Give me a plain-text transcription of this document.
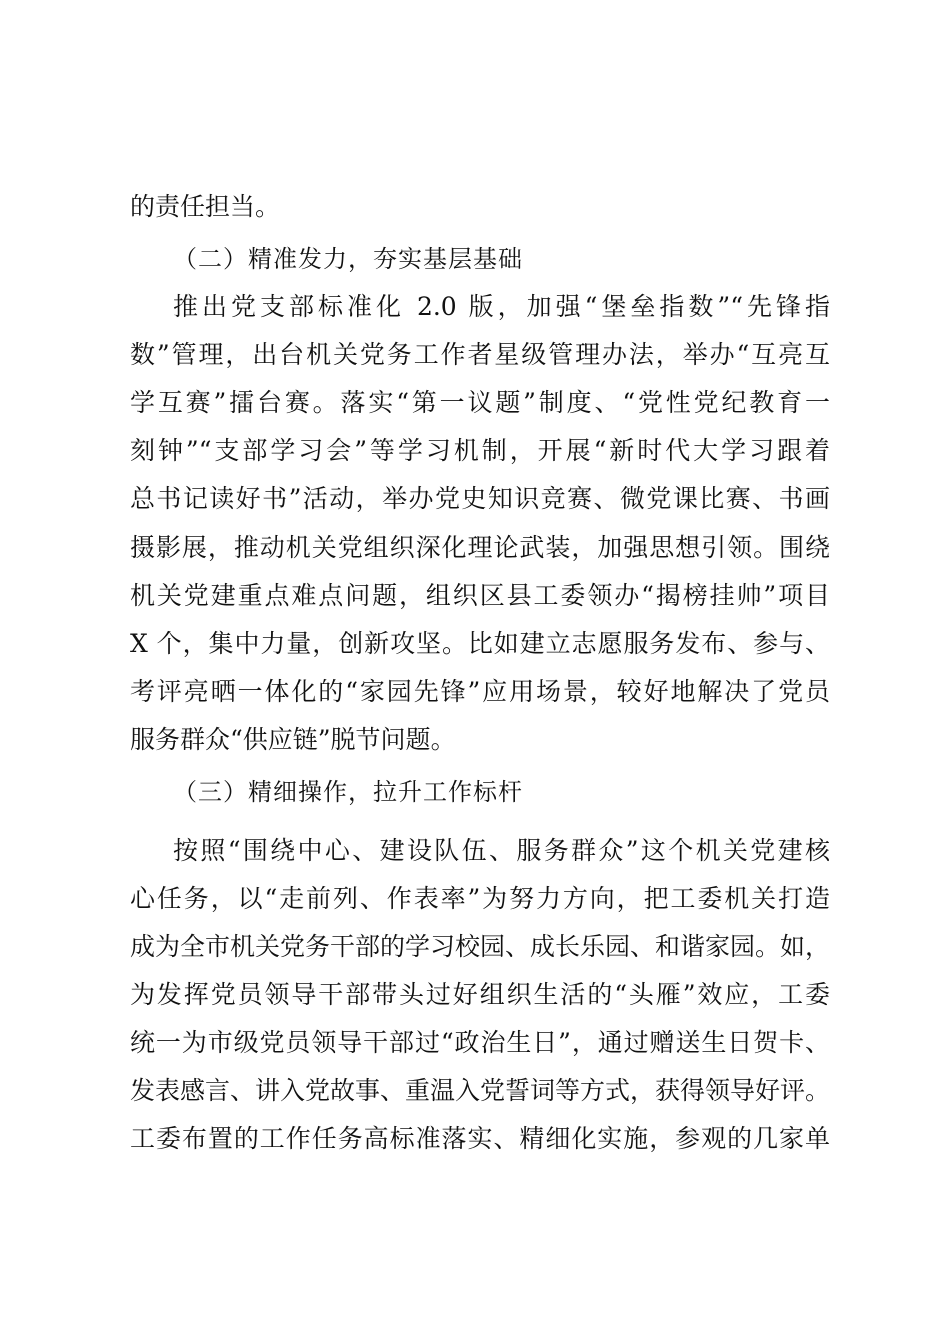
的责任担当。
（二）精准发力，夯实基层基础
推出党支部标准化 2.0 版，加强“堡垒指数”“先锋指
数”管理，出台机关党务工作者星级管理办法，举办“互亮互
学互赛”擂台赛。落实“第一议题”制度、“党性党纪教育一
刻钟”“支部学习会”等学习机制，开展“新时代大学习跟着
总书记读好书”活动，举办党史知识竞赛、微党课比赛、书画
摄影展，推动机关党组织深化理论武装，加强思想引领。围绕
机关党建重点难点问题，组织区县工委领办“揭榜挂帅”项目
X 个，集中力量，创新攻坚。比如建立志愿服务发布、参与、
考评亮晒一体化的“家园先锋”应用场景，较好地解决了党员
服务群众“供应链”脱节问题。
（三）精细操作，拉升工作标杆
按照“围绕中心、建设队伍、服务群众”这个机关党建核
心任务，以“走前列、作表率”为努力方向，把工委机关打造
成为全市机关党务干部的学习校园、成长乐园、和谐家园。如，
为发挥党员领导干部带头过好组织生活的“头雁”效应，工委
统一为市级党员领导干部过“政治生日”，通过赠送生日贺卡、
发表感言、讲入党故事、重温入党誓词等方式，获得领导好评。
工委布置的工作任务高标准落实、精细化实施，参观的几家单
